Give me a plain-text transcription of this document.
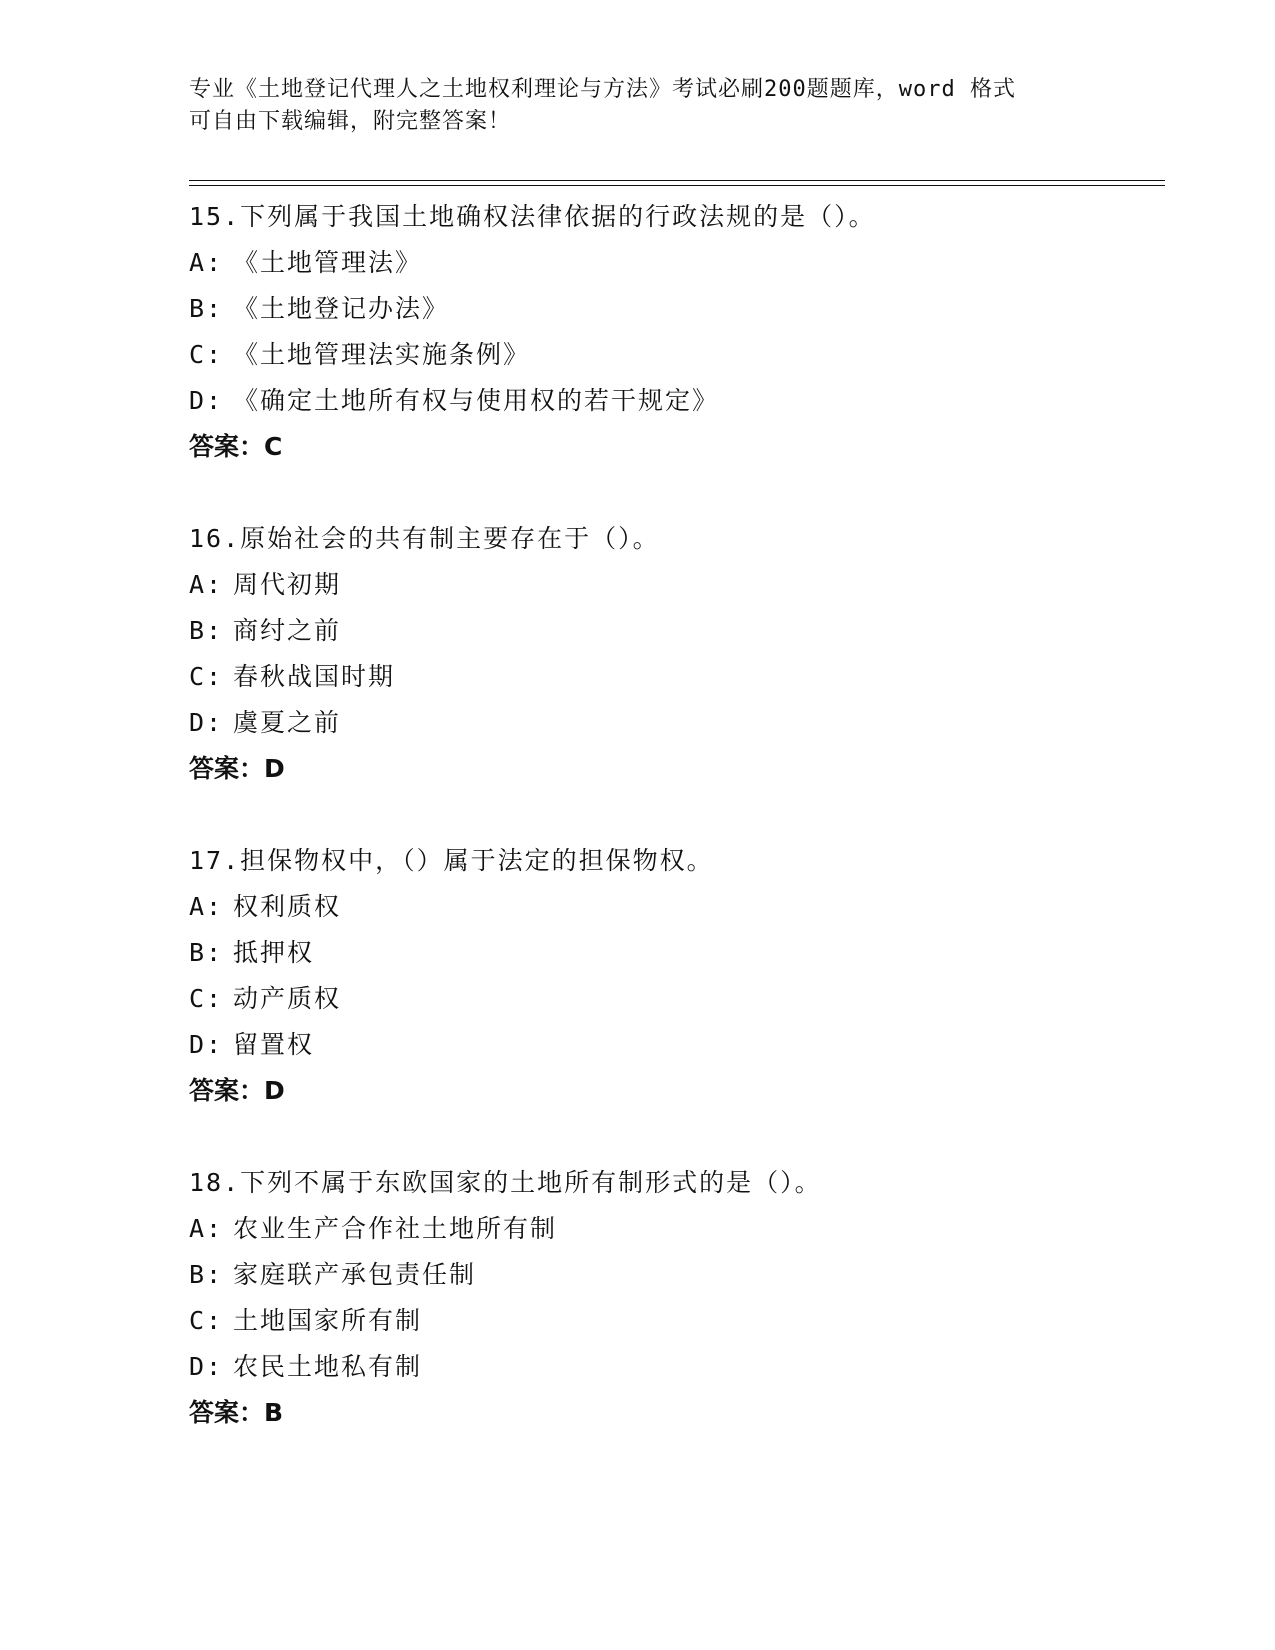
专业《土地登记代理人之土地权利理论与方法》考试必刷200题题库，word 格式
可自由下载编辑，附完整答案！
15.下列属于我国土地确权法律依据的行政法规的是（）。
A: 《土地管理法》
B: 《土地登记办法》
C: 《土地管理法实施条例》
D: 《确定土地所有权与使用权的若干规定》
答案：C
16.原始社会的共有制主要存在于（）。
A: 周代初期
B: 商纣之前
C: 春秋战国时期
D: 虞夏之前
答案：D
17.担保物权中，（）属于法定的担保物权。
A: 权利质权
B: 抵押权
C: 动产质权
D: 留置权
答案：D
18.下列不属于东欧国家的土地所有制形式的是（）。
A: 农业生产合作社土地所有制
B: 家庭联产承包责任制
C: 土地国家所有制
D: 农民土地私有制
答案：B
